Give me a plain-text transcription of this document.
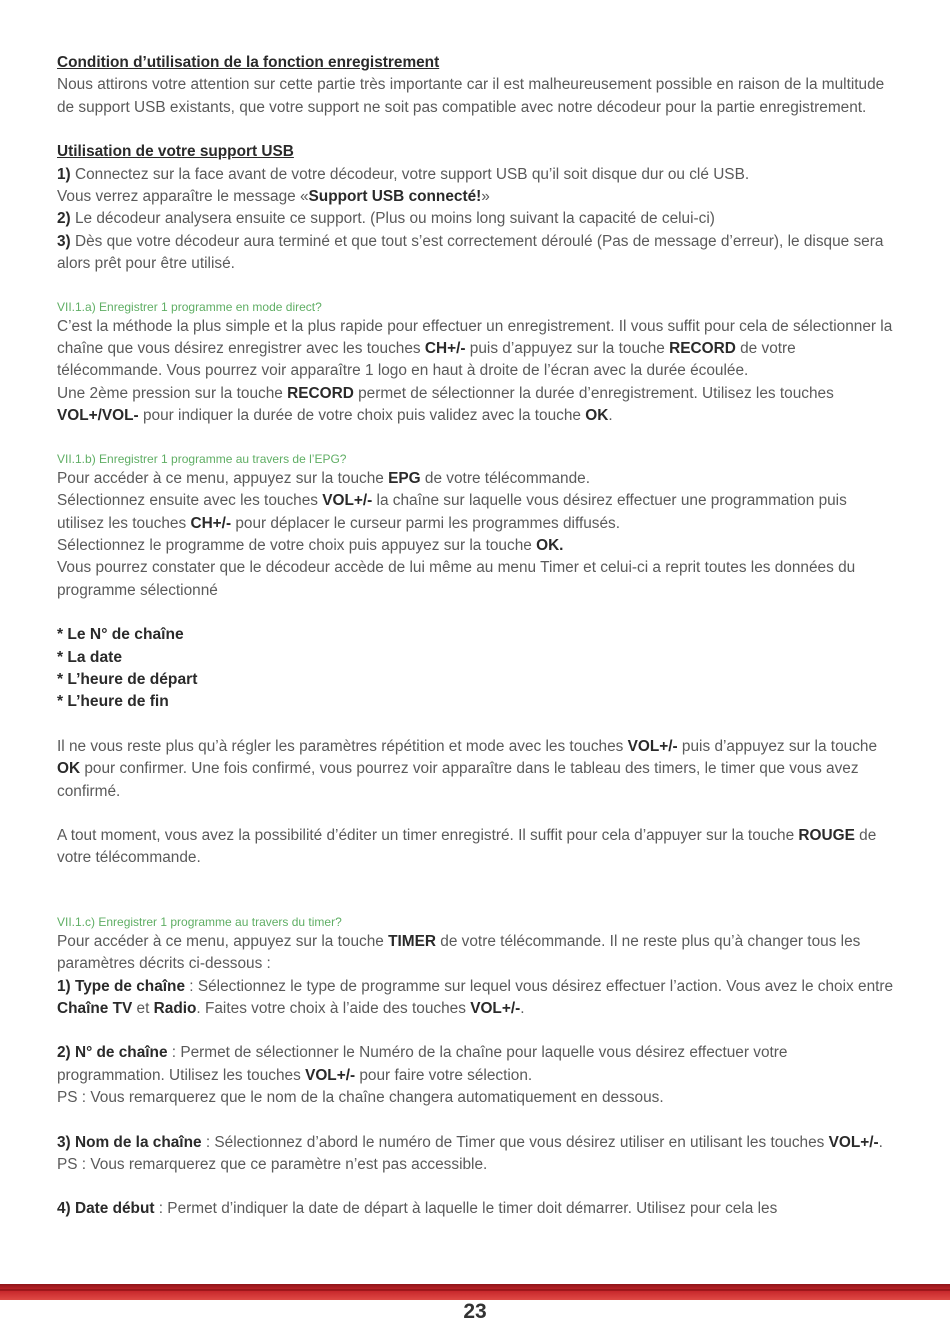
Condition d’utilisation de la fonction enregistrement

Nous attirons votre attention sur cette partie très importante car il est malheureusement possible en raison de la multitude de support USB existants, que votre support ne soit pas compatible avec notre décodeur pour la partie enregistrement.

Utilisation de votre support USB

1) Connectez sur la face avant de votre décodeur, votre support USB qu’il soit disque dur ou clé USB.

Vous verrez apparaître le message «Support USB connecté!»

2) Le décodeur analysera ensuite ce support. (Plus ou moins long suivant la capacité de celui-ci)

3) Dès que votre décodeur aura terminé et que tout s’est correctement déroulé (Pas de message d’erreur), le disque sera alors prêt pour être utilisé.

VII.1.a) Enregistrer 1 programme en mode direct?

C’est la méthode la plus simple et la plus rapide pour effectuer un enregistrement. Il vous suffit pour cela de sélectionner la chaîne que vous désirez enregistrer avec les touches CH+/- puis d’appuyez sur la touche RECORD de votre télécommande. Vous pourrez voir apparaître 1 logo en haut à droite de l’écran avec la durée écoulée.

Une 2ème pression sur la touche RECORD permet de sélectionner la durée d’enregistrement. Utilisez les touches VOL+/VOL- pour indiquer la durée de votre choix puis validez avec la touche OK.

VII.1.b) Enregistrer 1 programme au travers de l’EPG?

Pour accéder à ce menu, appuyez sur la touche EPG de votre télécommande.

Sélectionnez ensuite avec les touches VOL+/- la chaîne sur laquelle vous désirez effectuer une programmation puis utilisez les touches CH+/- pour déplacer le curseur parmi les programmes diffusés.

Sélectionnez le programme de votre choix puis appuyez sur la touche OK.

Vous pourrez constater que le décodeur accède de lui même au menu Timer et celui-ci a reprit toutes les données du programme sélectionné

* Le N° de chaîne

* La date

* L’heure de départ

* L’heure de fin

Il ne vous reste plus qu’à régler les paramètres répétition et mode avec les touches VOL+/- puis d’appuyez sur la touche OK pour confirmer. Une fois confirmé, vous pourrez voir apparaître dans le tableau des timers, le timer que vous avez confirmé.

A tout moment, vous avez la possibilité d’éditer un timer enregistré. Il suffit pour cela d’appuyer sur la touche ROUGE de votre télécommande.

VII.1.c) Enregistrer 1 programme au travers du timer?

Pour accéder à ce menu, appuyez sur la touche TIMER de votre télécommande. Il ne reste plus qu’à changer tous les paramètres décrits ci-dessous :

1) Type de chaîne : Sélectionnez le type de programme sur lequel vous désirez effectuer l’action. Vous avez le choix entre Chaîne TV et Radio. Faites votre choix à l’aide des touches VOL+/-.

2) N° de chaîne : Permet de sélectionner le Numéro de la chaîne pour laquelle vous désirez effectuer votre programmation. Utilisez les touches VOL+/- pour faire votre sélection.

PS : Vous remarquerez que le nom de la chaîne changera automatiquement en dessous.

3) Nom de la chaîne : Sélectionnez d’abord le numéro de Timer que vous désirez utiliser en utilisant les touches VOL+/-.

PS : Vous remarquerez que ce paramètre n’est pas accessible.

4) Date début : Permet d’indiquer la date de départ à laquelle le timer doit démarrer. Utilisez pour cela les

23
